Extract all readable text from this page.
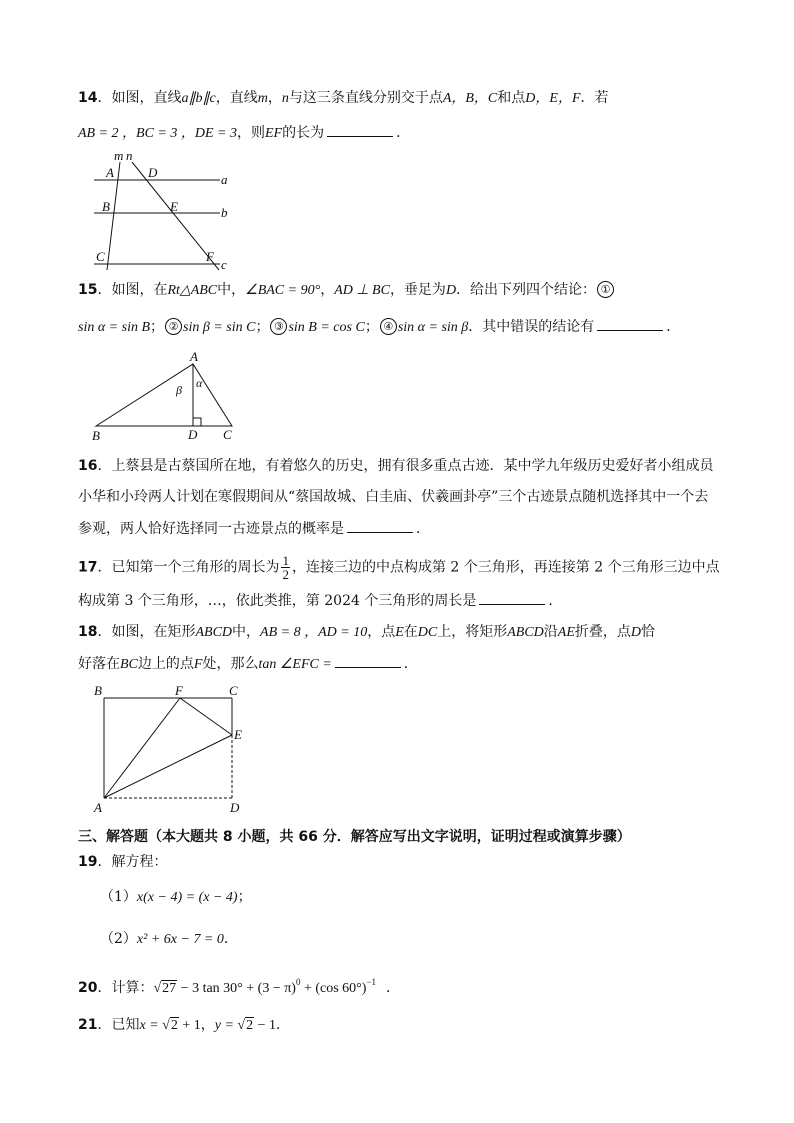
14．如图，直线a∥b∥c，直线m，n与这三条直线分别交于点A，B，C和点D，E，F．若
AB = 2 ，BC = 3 ，DE = 3，则EF的长为	．
m n
A	D	a
B	E	b
C	F
c
15．如图，在Rt△ABC中，∠BAC = 90°，AD ⊥ BC，垂足为D．给出下列四个结论： ①
sin α = sin B； ② sin β = sin C； ③ sin B = cos C； ④ sin α = sin β．其中错误的结论有	．
A
α
β
B	D C
16．上蔡县是古蔡国所在地，有着悠久的历史，拥有很多重点古迹．某中学九年级历史爱好者小组成员
小华和小玲两人计划在寒假期间从“蔡国故城、白圭庙、伏羲画卦亭”三个古迹景点随机选择其中一个去
参观，两人恰好选择同一古迹景点的概率是	．
17．已知第一个三角形的周长为 $\frac{1}{2}$ ，连接三边的中点构成第 2 个三角形，再连接第 2 个三角形三边中点
构成第 3 个三角形，…，依此类推，第 2024 个三角形的周长是	．
18．如图，在矩形ABCD中，AB = 8 ，AD = 10，点E在DC上，将矩形ABCD沿AE折叠，点D恰
好落在BC边上的点F处，那么tan ∠EFC =	．
B	F	C
E
A	D
三、解答题（本大题共 8 小题，共 66 分．解答应写出文字说明，证明过程或演算步骤）
19．解方程：
（1）x(x − 4) = (x − 4)；
（2）x² + 6x − 7 = 0．
20．计算：√27 − 3 $\tan 30^\circ + (3 - \pi)^0 + (\cos$ 60°)$^{-1}$ ．
21．已知x = √2 + 1，y = √2 − 1．
